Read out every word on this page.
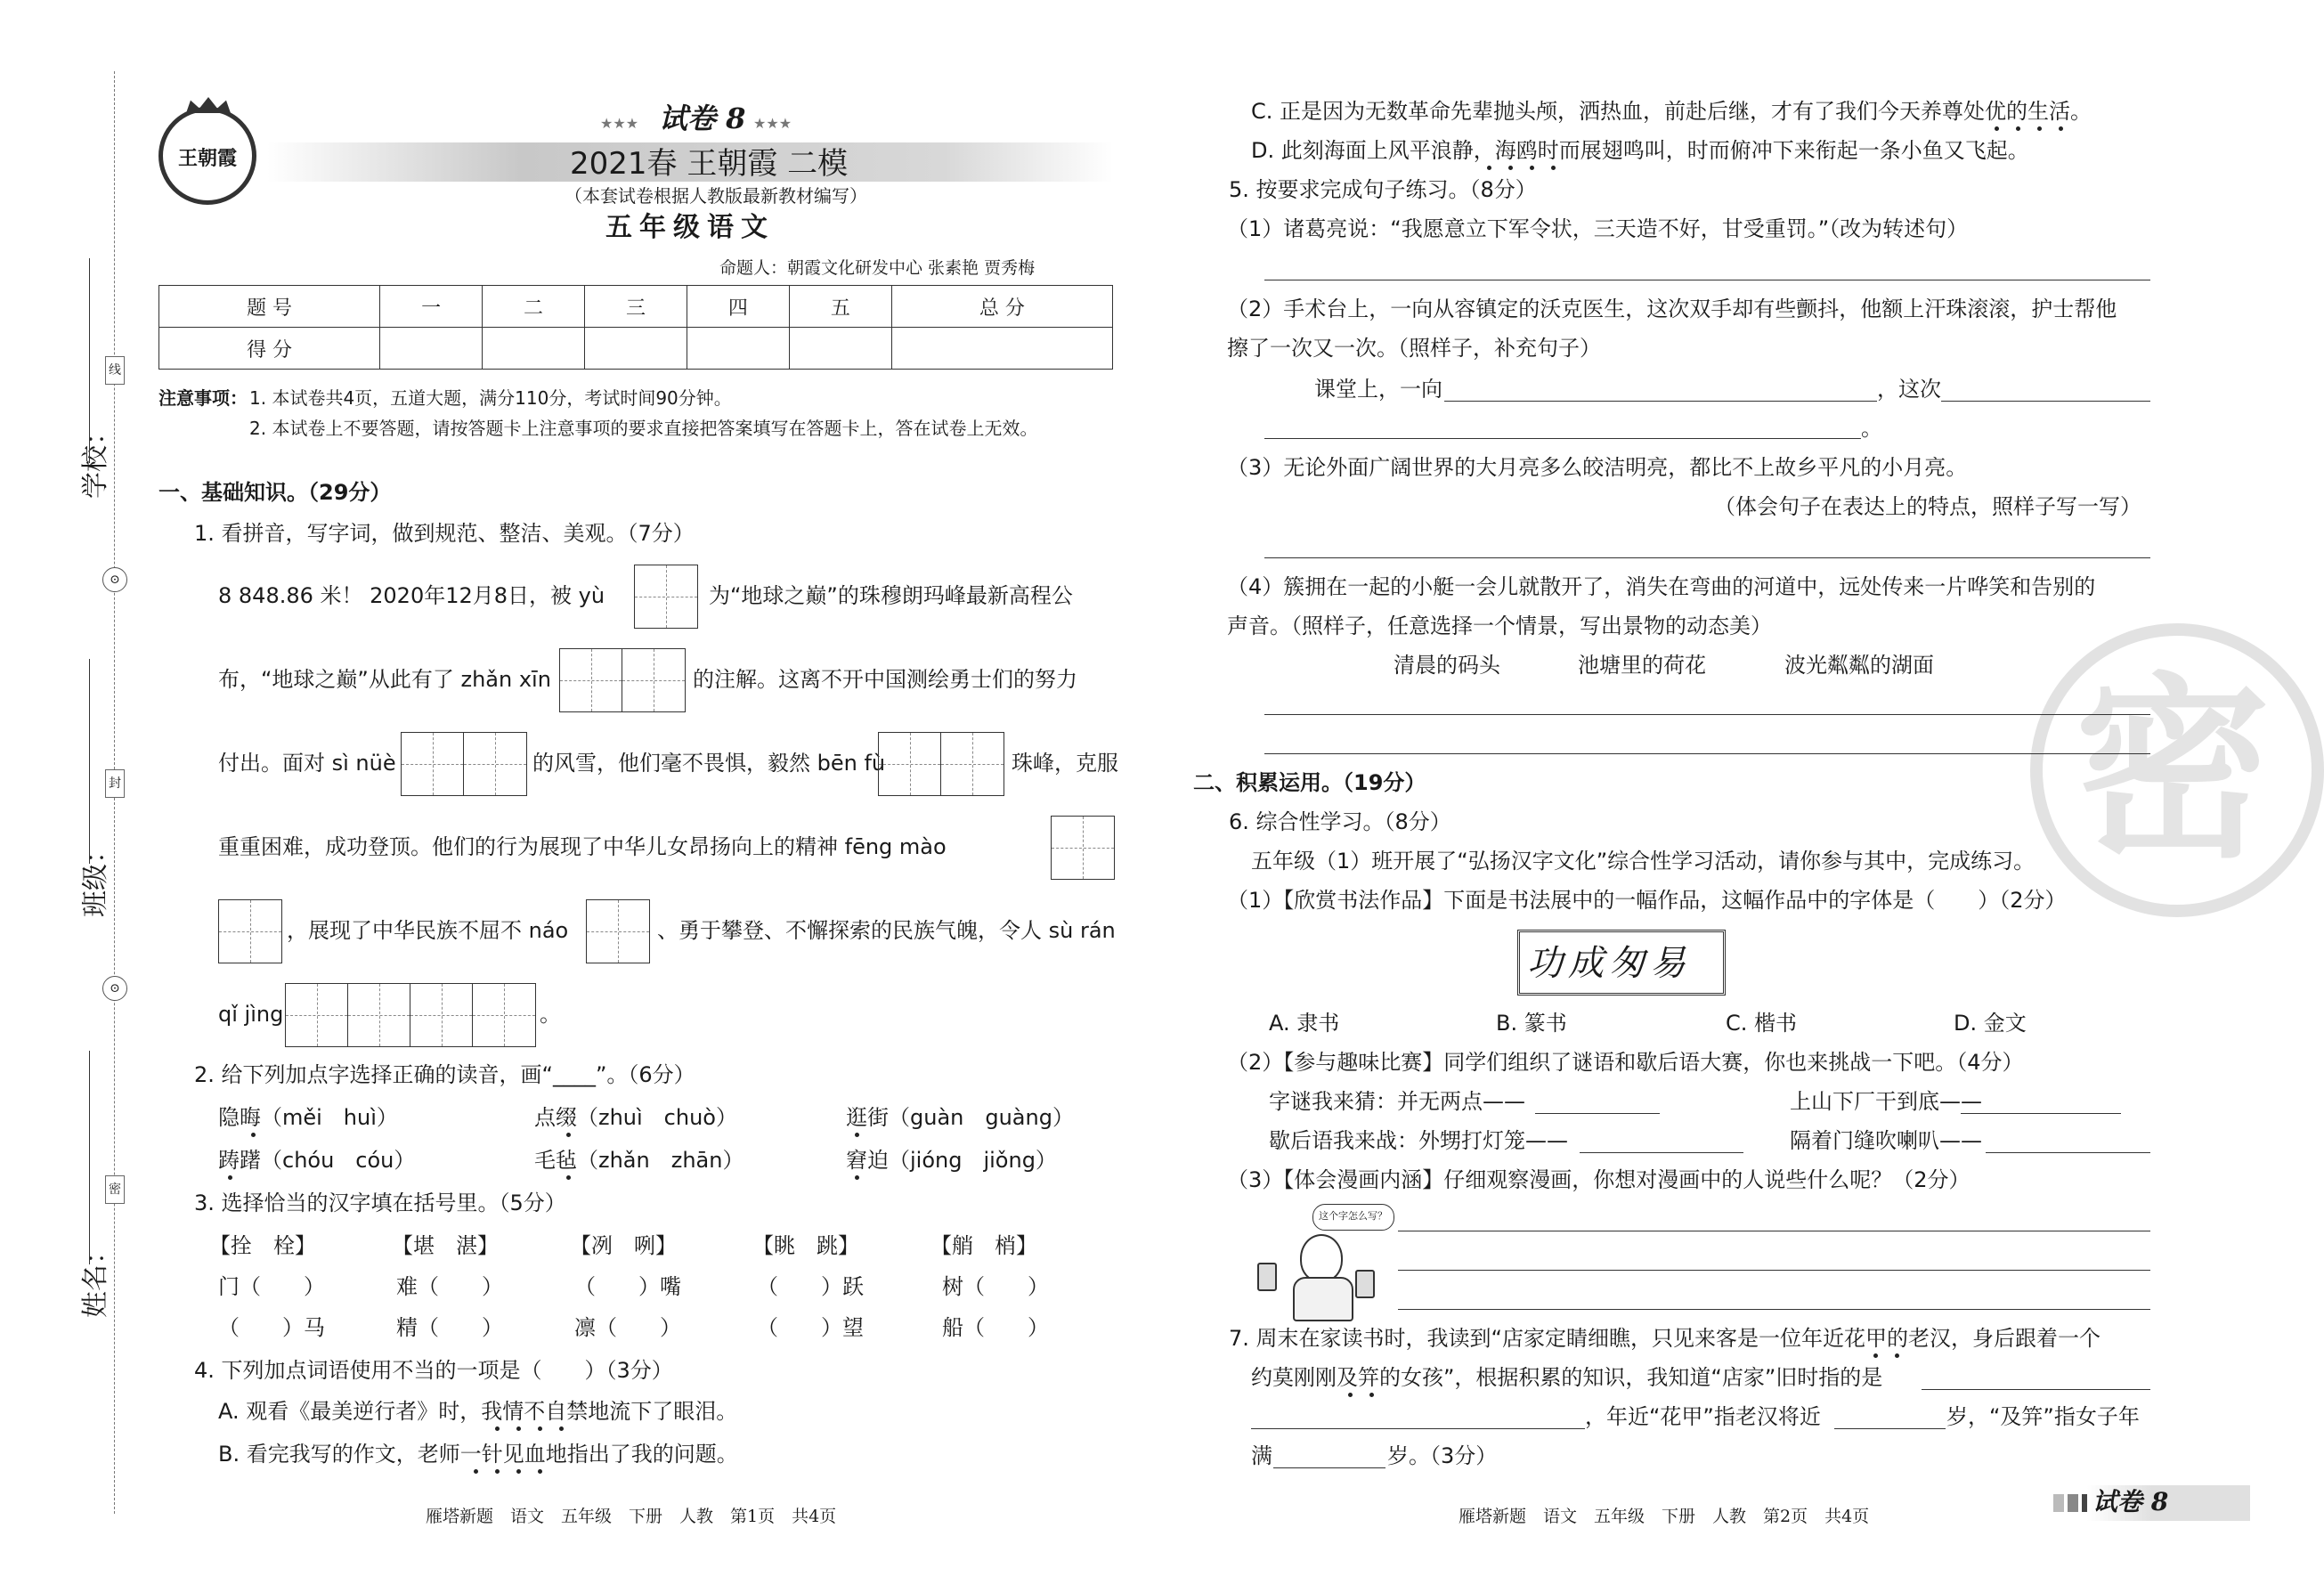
学校：
班级：
姓名：
线
⊙
封
⊙
密
王朝霞
★★★ 试卷 8 ★★★
2021春 王朝霞 二模
（本套试卷根据人教版最新教材编写）
五年级语文
命题人：朝霞文化研发中心 张素艳 贾秀梅
题 号	一	二	三	四	五	总 分
得 分						
注意事项： 1. 本试卷共4页，五道大题，满分110分，考试时间90分钟。
2. 本试卷上不要答题，请按答题卡上注意事项的要求直接把答案填写在答题卡上，答在试卷上无效。
一、基础知识。（29分）
1. 看拼音，写字词，做到规范、整洁、美观。（7分）
8 848.86 米！ 2020年12月8日，被 yù	为“地球之巅”的珠穆朗玛峰最新高程公
布，“地球之巅”从此有了 zhǎn xīn	的注解。这离不开中国测绘勇士们的努力
付出。面对 sì nüè	的风雪，他们毫不畏惧，毅然 bēn fù	珠峰，克服
重重困难，成功登顶。他们的行为展现了中华儿女昂扬向上的精神 fēng mào
，展现了中华民族不屈不 náo	、勇于攀登、不懈探索的民族气魄，令人 sù rán
qǐ jìng	。
2. 给下列加点字选择正确的读音，画“____”。（6分）
隐晦（měi　huì）	点缀（zhuì　chuò）	逛街（guàn　guàng）
踌躇（chóu　cóu）	毛毡（zhǎn　zhān）	窘迫（jióng　jiǒng）
3. 选择恰当的汉字填在括号里。（5分）
【拴　栓】	【堪　湛】	【冽　咧】	【眺　跳】	【艄　梢】
门（　　）	难（　　）	（　　）嘴	（　　）跃	树（　　）
（　　）马	精（　　）	凛（　　）	（　　）望	船（　　）
4. 下列加点词语使用不当的一项是（　　）（3分）
A. 观看《最美逆行者》时，我情不自禁地流下了眼泪。
B. 看完我写的作文，老师一针见血地指出了我的问题。
雁塔新题　语文　五年级　下册　人教　第1页　共4页
密
C. 正是因为无数革命先辈抛头颅，洒热血，前赴后继，才有了我们今天养尊处优的生活。
D. 此刻海面上风平浪静，海鸥时而展翅鸣叫，时而俯冲下来衔起一条小鱼又飞起。
5. 按要求完成句子练习。（8分）
（1）诸葛亮说：“我愿意立下军令状，三天造不好，甘受重罚。”（改为转述句）
（2）手术台上，一向从容镇定的沃克医生，这次双手却有些颤抖，他额上汗珠滚滚，护士帮他
擦了一次又一次。（照样子，补充句子）
课堂上，一向	，这次
。
（3）无论外面广阔世界的大月亮多么皎洁明亮，都比不上故乡平凡的小月亮。
（体会句子在表达上的特点，照样子写一写）
（4）簇拥在一起的小艇一会儿就散开了，消失在弯曲的河道中，远处传来一片哗笑和告别的
声音。（照样子，任意选择一个情景，写出景物的动态美）
清晨的码头	池塘里的荷花	波光粼粼的湖面
二、积累运用。（19分）
6. 综合性学习。（8分）
五年级（1）班开展了“弘扬汉字文化”综合性学习活动，请你参与其中，完成练习。
（1）【欣赏书法作品】下面是书法展中的一幅作品，这幅作品中的字体是（　　）（2分）
功成匆易
A. 隶书	B. 篆书	C. 楷书	D. 金文
（2）【参与趣味比赛】同学们组织了谜语和歇后语大赛，你也来挑战一下吧。（4分）
字谜我来猜：并无两点——	上山下厂干到底——
歇后语我来战：外甥打灯笼——	隔着门缝吹喇叭——
（3）【体会漫画内涵】仔细观察漫画，你想对漫画中的人说些什么呢？（2分）
这个字怎么写？
7. 周末在家读书时，我读到“店家定睛细瞧，只见来客是一位年近花甲的老汉，身后跟着一个
约莫刚刚及笄的女孩”，根据积累的知识，我知道“店家”旧时指的是
，年近“花甲”指老汉将近	岁，“及笄”指女子年
满	岁。（3分）
雁塔新题　语文　五年级　下册　人教　第2页　共4页	试卷 8
